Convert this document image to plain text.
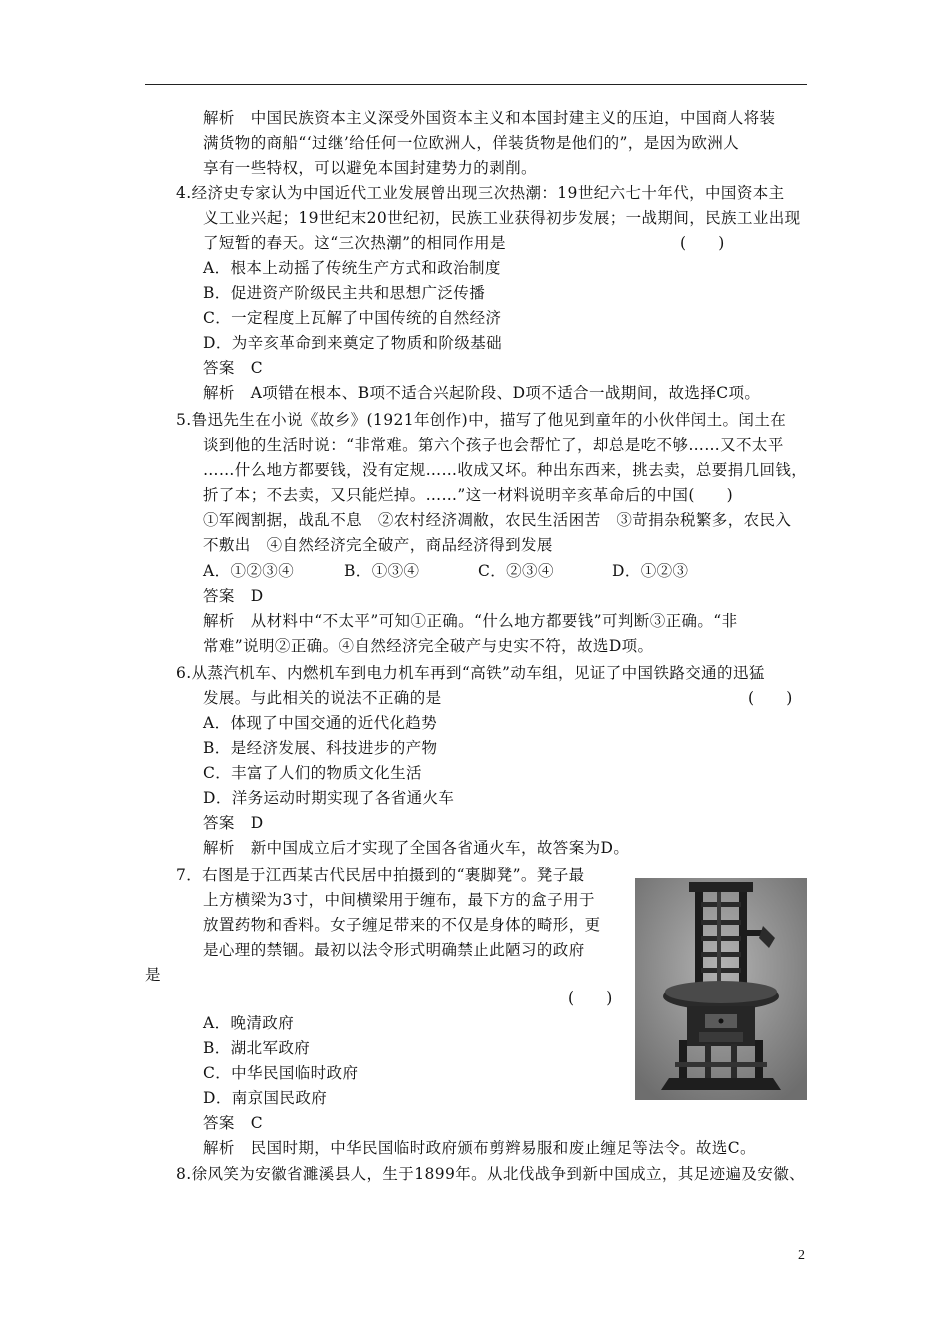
解析　中国民族资本主义深受外国资本主义和本国封建主义的压迫，中国商人将装
满货物的商船“‘过继’给任何一位欧洲人，佯装货物是他们的”，是因为欧洲人
享有一些特权，可以避免本国封建势力的剥削。
4.经济史专家认为中国近代工业发展曾出现三次热潮：19世纪六七十年代，中国资本主
义工业兴起；19世纪末20世纪初，民族工业获得初步发展；一战期间，民族工业出现
了短暂的春天。这“三次热潮”的相同作用是	(　　)
A．根本上动摇了传统生产方式和政治制度
B．促进资产阶级民主共和思想广泛传播
C．一定程度上瓦解了中国传统的自然经济
D．为辛亥革命到来奠定了物质和阶级基础
答案　C
解析　A项错在根本、B项不适合兴起阶段、D项不适合一战期间，故选择C项。
5.鲁迅先生在小说《故乡》(1921年创作)中，描写了他见到童年的小伙伴闰土。闰土在
谈到他的生活时说：“非常难。第六个孩子也会帮忙了，却总是吃不够……又不太平
……什么地方都要钱，没有定规……收成又坏。种出东西来，挑去卖，总要捐几回钱，
折了本；不去卖，又只能烂掉。……”这一材料说明辛亥革命后的中国(　　)
①军阀割据，战乱不息　②农村经济凋敝，农民生活困苦　③苛捐杂税繁多，农民入
不敷出　④自然经济完全破产，商品经济得到发展
A．①②③④	B．①③④	C．②③④	D．①②③
答案　D
解析　从材料中“不太平”可知①正确。“什么地方都要钱”可判断③正确。“非
常难”说明②正确。④自然经济完全破产与史实不符，故选D项。
6.从蒸汽机车、内燃机车到电力机车再到“高铁”动车组，见证了中国铁路交通的迅猛
发展。与此相关的说法不正确的是	(　　)
A．体现了中国交通的近代化趋势
B．是经济发展、科技进步的产物
C．丰富了人们的物质文化生活
D．洋务运动时期实现了各省通火车
答案　D
解析　新中国成立后才实现了全国各省通火车，故答案为D。
7．右图是于江西某古代民居中拍摄到的“裹脚凳”。凳子最
上方横梁为3寸，中间横梁用于缠布，最下方的盒子用于
放置药物和香料。女子缠足带来的不仅是身体的畸形，更
是心理的禁锢。最初以法令形式明确禁止此陋习的政府
是
(　　)
A．晚清政府
B．湖北军政府
C．中华民国临时政府
D．南京国民政府
答案　C
解析　民国时期，中华民国临时政府颁布剪辫易服和废止缠足等法令。故选C。
8.徐风笑为安徽省濉溪县人，生于1899年。从北伐战争到新中国成立，其足迹遍及安徽、
2
